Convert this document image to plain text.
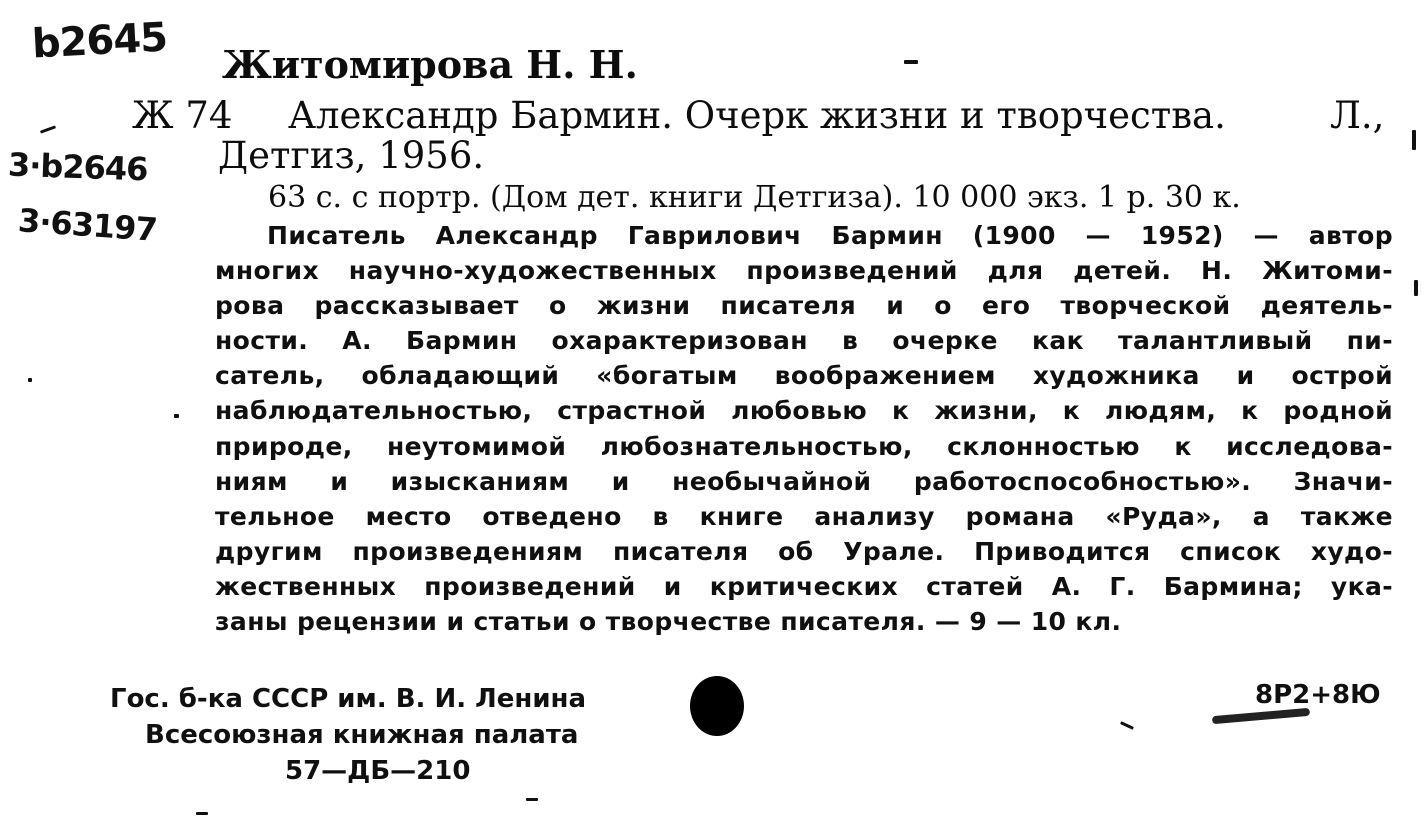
b2645
3·b2646
3·63197
Житомирова Н. Н.
Ж 74 Александр Бармин. Очерк жизни и творчества.	Л.,
Детгиз, 1956.
63 с. с портр. (Дом дет. книги Детгиза). 10 000 экз. 1 р. 30 к.
Писатель Александр Гаврилович Бармин (1900 — 1952) — автор
многих научно-художественных произведений для детей. Н. Житоми-
рова рассказывает о жизни писателя и о его творческой деятель-
ности. А. Бармин охарактеризован в очерке как талантливый пи-
сатель, обладающий «богатым воображением художника и острой
наблюдательностью, страстной любовью к жизни, к людям, к родной
природе, неутомимой любознательностью, склонностью к исследова-
ниям и изысканиям и необычайной работоспособностью». Значи-
тельное место отведено в книге анализу романа «Руда», а также
другим произведениям писателя об Урале. Приводится список худо-
жественных произведений и критических статей А. Г. Бармина; ука-
заны рецензии и статьи о творчестве писателя. — 9 — 10 кл.
Гос. б-ка СССР им. В. И. Ленина
Всесоюзная книжная палата
57—ДБ—210
8Р2+8Ю
